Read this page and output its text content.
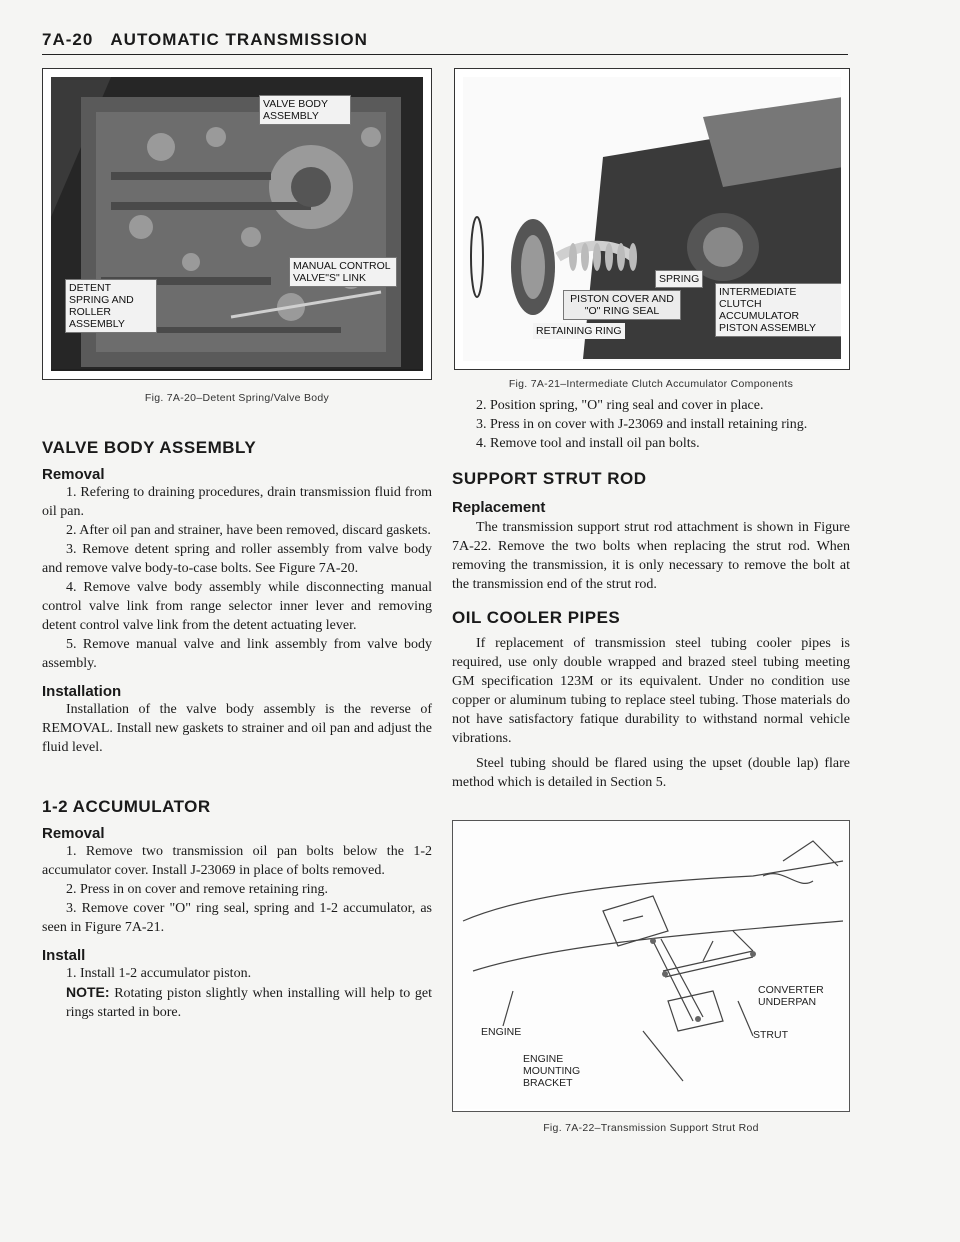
7A-20 AUTOMATIC TRANSMISSION
VALVE BODY ASSEMBLY
MANUAL CONTROL VALVE"S" LINK
DETENT SPRING AND ROLLER ASSEMBLY
Fig. 7A-20–Detent Spring/Valve Body
VALVE BODY ASSEMBLY
Removal

1. Refering to draining procedures, drain transmission fluid from oil pan.

2. After oil pan and strainer, have been removed, discard gaskets.

3. Remove detent spring and roller assembly from valve body and remove valve body-to-case bolts. See Figure 7A-20.

4. Remove valve body assembly while disconnecting manual control valve link from range selector inner lever and removing detent control valve link from the detent actuating lever.

5. Remove manual valve and link assembly from valve body assembly.

Installation

Installation of the valve body assembly is the reverse of REMOVAL. Install new gaskets to strainer and oil pan and adjust the fluid level.

1-2 ACCUMULATOR
Removal

1. Remove two transmission oil pan bolts below the 1-2 accumulator cover. Install J-23069 in place of bolts removed.

2. Press in on cover and remove retaining ring.

3. Remove cover "O" ring seal, spring and 1-2 accumulator, as seen in Figure 7A-21.

Install

1. Install 1-2 accumulator piston.

NOTE: Rotating piston slightly when installing will help to get rings started in bore.

SPRING
PISTON COVER AND "O" RING SEAL
RETAINING RING
INTERMEDIATE CLUTCH ACCUMULATOR PISTON ASSEMBLY
Fig. 7A-21–Intermediate Clutch Accumulator Components

2. Position spring, "O" ring seal and cover in place.

3. Press in on cover with J-23069 and install retaining ring.

4. Remove tool and install oil pan bolts.

SUPPORT STRUT ROD
Replacement

The transmission support strut rod attachment is shown in Figure 7A-22. Remove the two bolts when replacing the strut rod. When removing the transmission, it is only necessary to remove the bolt at the transmission end of the strut rod.

OIL COOLER PIPES

If replacement of transmission steel tubing cooler pipes is required, use only double wrapped and brazed steel tubing meeting GM specification 123M or its equivalent. Under no condition use copper or aluminum tubing to replace steel tubing. Those materials do not have satisfactory fatique durability to withstand normal vehicle vibrations.

Steel tubing should be flared using the upset (double lap) flare method which is detailed in Section 5.

ENGINE
ENGINE MOUNTING BRACKET
CONVERTER UNDERPAN
STRUT
Fig. 7A-22–Transmission Support Strut Rod
